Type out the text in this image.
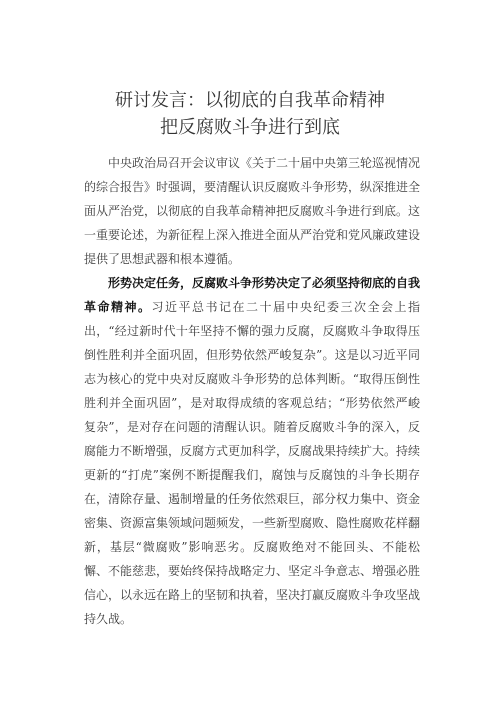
研讨发言：以彻底的自我革命精神
把反腐败斗争进行到底

中央政治局召开会议审议《关于二十届中央第三轮巡视情况的综合报告》时强调，要清醒认识反腐败斗争形势，纵深推进全面从严治党，以彻底的自我革命精神把反腐败斗争进行到底。这一重要论述，为新征程上深入推进全面从严治党和党风廉政建设提供了思想武器和根本遵循。

形势决定任务，反腐败斗争形势决定了必须坚持彻底的自我革命精神。习近平总书记在二十届中央纪委三次全会上指出，“经过新时代十年坚持不懈的强力反腐，反腐败斗争取得压倒性胜利并全面巩固，但形势依然严峻复杂”。这是以习近平同志为核心的党中央对反腐败斗争形势的总体判断。“取得压倒性胜利并全面巩固”，是对取得成绩的客观总结；“形势依然严峻复杂”，是对存在问题的清醒认识。随着反腐败斗争的深入，反腐能力不断增强，反腐方式更加科学，反腐战果持续扩大。持续更新的“打虎”案例不断提醒我们，腐蚀与反腐蚀的斗争长期存在，清除存量、遏制增量的任务依然艰巨，部分权力集中、资金密集、资源富集领域问题频发，一些新型腐败、隐性腐败花样翻新，基层“微腐败”影响恶劣。反腐败绝对不能回头、不能松懈、不能慈悲，要始终保持战略定力、坚定斗争意志、增强必胜信心，以永远在路上的坚韧和执着，坚决打赢反腐败斗争攻坚战持久战。
